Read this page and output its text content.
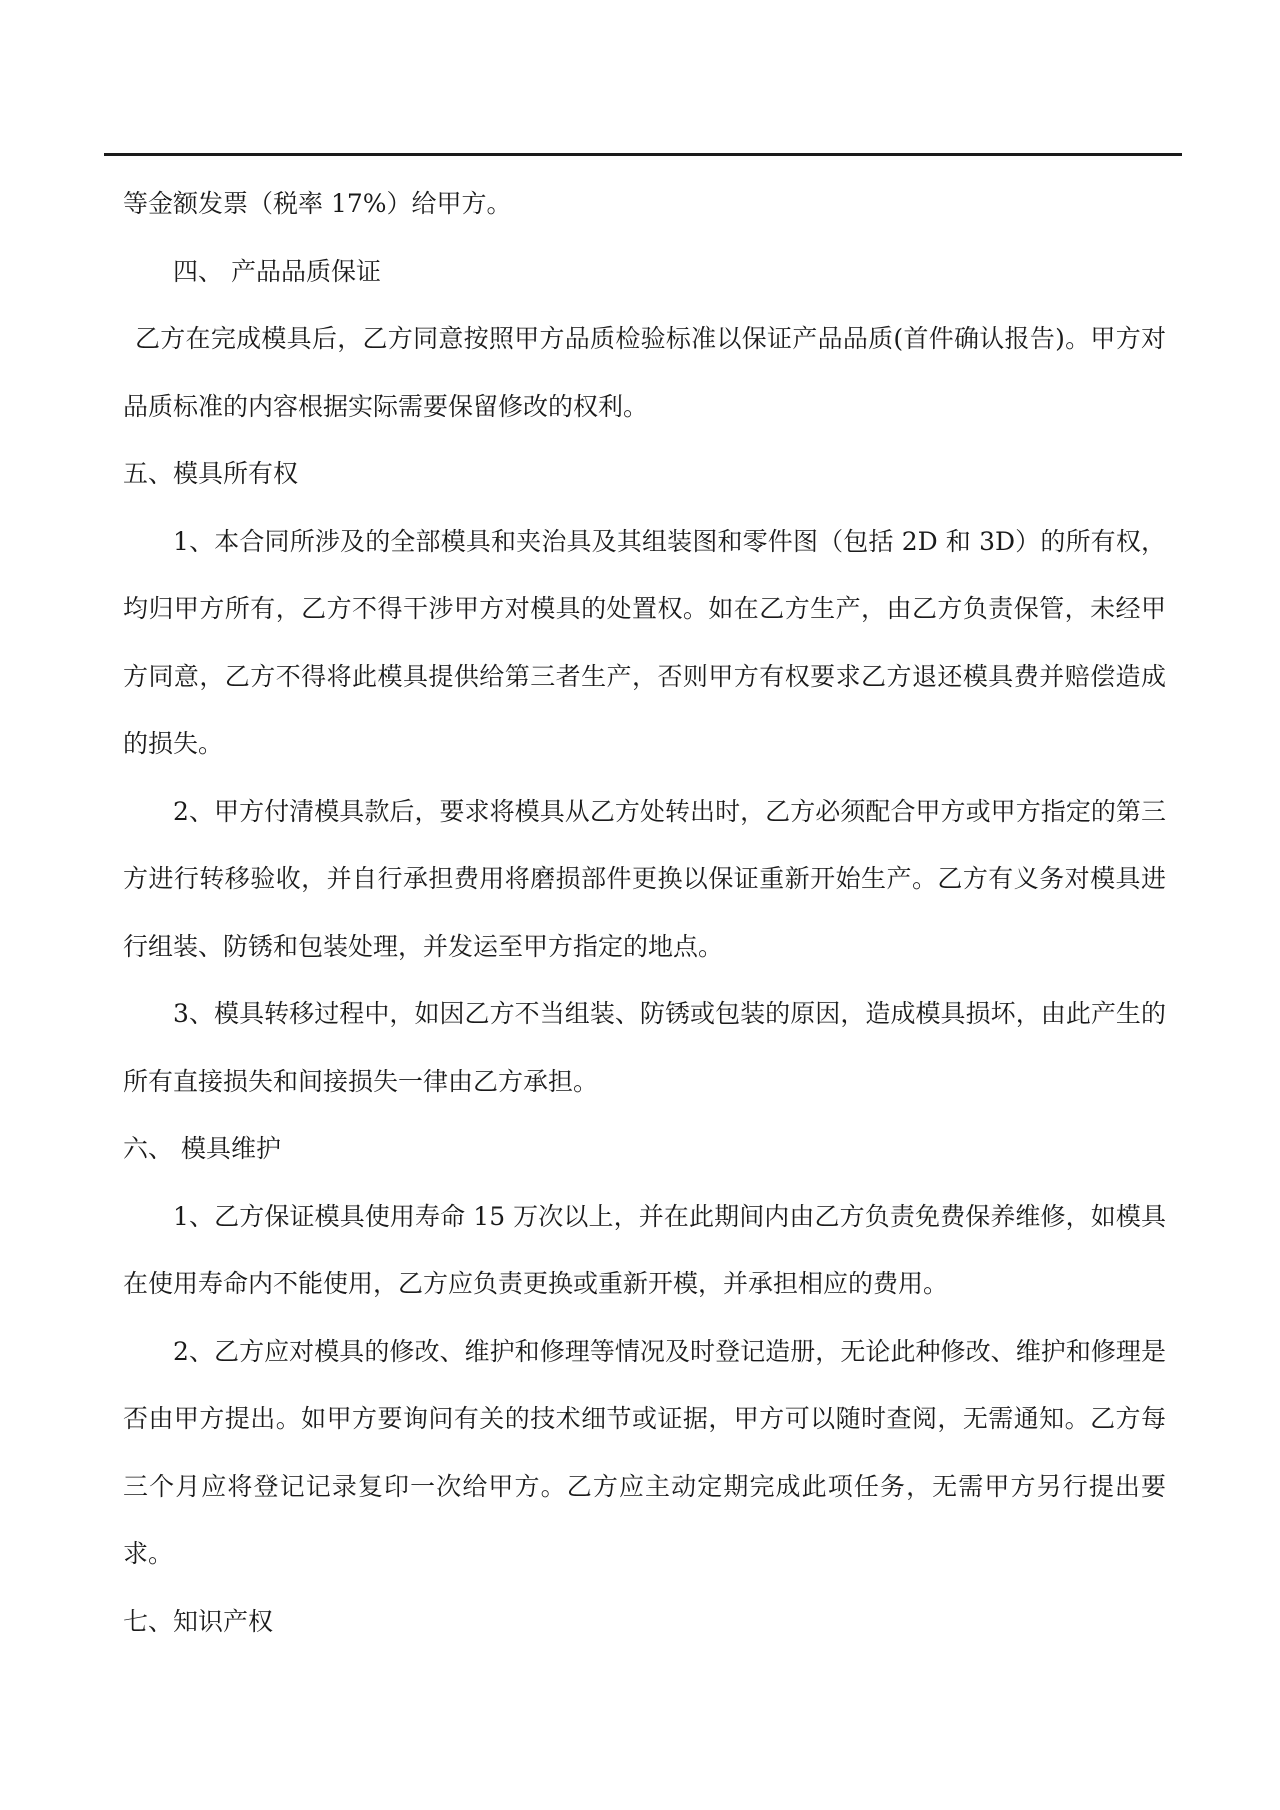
等金额发票（税率 17%）给甲方。

四、 产品品质保证

乙方在完成模具后，乙方同意按照甲方品质检验标准以保证产品品质(首件确认报告)。甲方对品质标准的内容根据实际需要保留修改的权利。

五、模具所有权

1、本合同所涉及的全部模具和夹治具及其组装图和零件图（包括 2D 和 3D）的所有权，均归甲方所有，乙方不得干涉甲方对模具的处置权。如在乙方生产，由乙方负责保管，未经甲方同意，乙方不得将此模具提供给第三者生产，否则甲方有权要求乙方退还模具费并赔偿造成的损失。

2、甲方付清模具款后，要求将模具从乙方处转出时，乙方必须配合甲方或甲方指定的第三方进行转移验收，并自行承担费用将磨损部件更换以保证重新开始生产。乙方有义务对模具进行组装、防锈和包装处理，并发运至甲方指定的地点。

3、模具转移过程中，如因乙方不当组装、防锈或包装的原因，造成模具损坏，由此产生的所有直接损失和间接损失一律由乙方承担。

六、 模具维护

1、乙方保证模具使用寿命 15 万次以上，并在此期间内由乙方负责免费保养维修，如模具在使用寿命内不能使用，乙方应负责更换或重新开模，并承担相应的费用。

2、乙方应对模具的修改、维护和修理等情况及时登记造册，无论此种修改、维护和修理是否由甲方提出。如甲方要询问有关的技术细节或证据，甲方可以随时查阅，无需通知。乙方每三个月应将登记记录复印一次给甲方。乙方应主动定期完成此项任务，无需甲方另行提出要求。

七、知识产权
